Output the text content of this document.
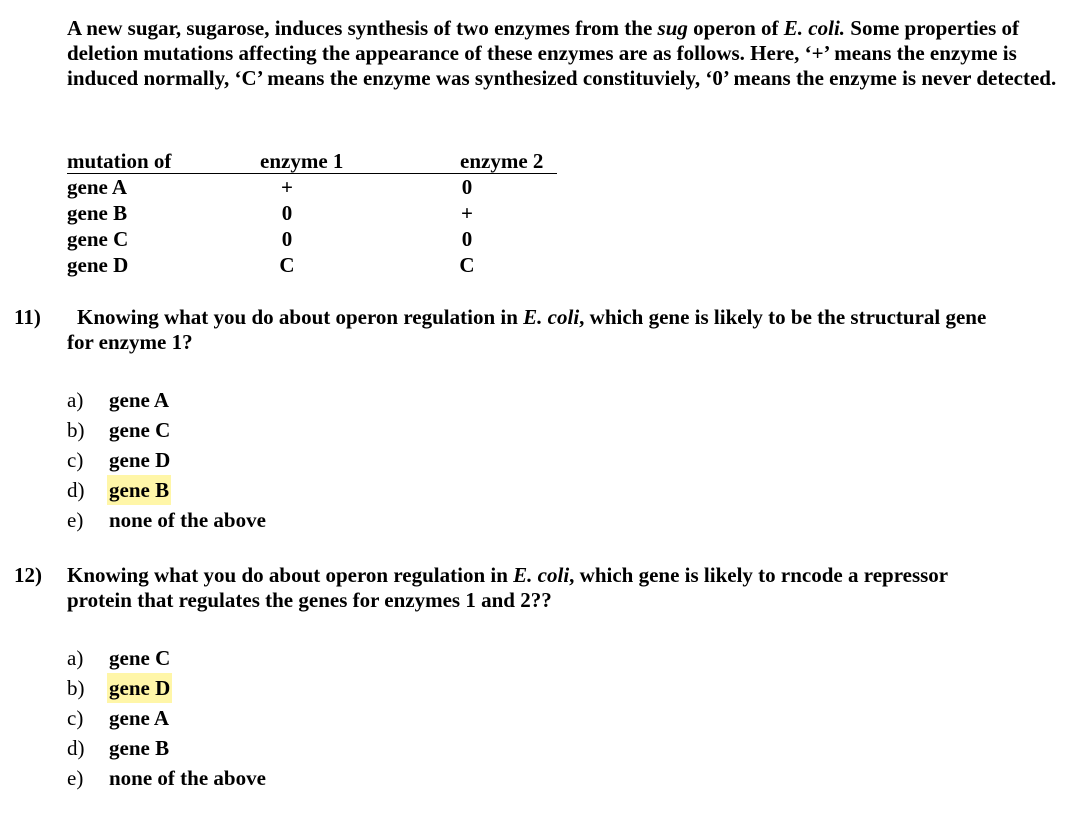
A new sugar, sugarose, induces synthesis of two enzymes from the sug operon of E. coli. Some properties of deletion mutations affecting the appearance of these enzymes are as follows. Here, ‘+’ means the enzyme is induced normally, ‘C’ means the enzyme was synthesized constituviely, ‘0’ means the enzyme is never detected.
mutation of	enzyme 1	enzyme 2
gene A	+	0
gene B	0	+
gene C	0	0
gene D	C	C
11)	Knowing what you do about operon regulation in E. coli, which gene is likely to be the structural gene for enzyme 1?
a) gene A
b) gene C
c) gene D
d) gene B
e) none of the above
12) Knowing what you do about operon regulation in E. coli, which gene is likely to rncode a repressor protein that regulates the genes for enzymes 1 and 2??
a) gene C
b) gene D
c) gene A
d) gene B
e) none of the above
